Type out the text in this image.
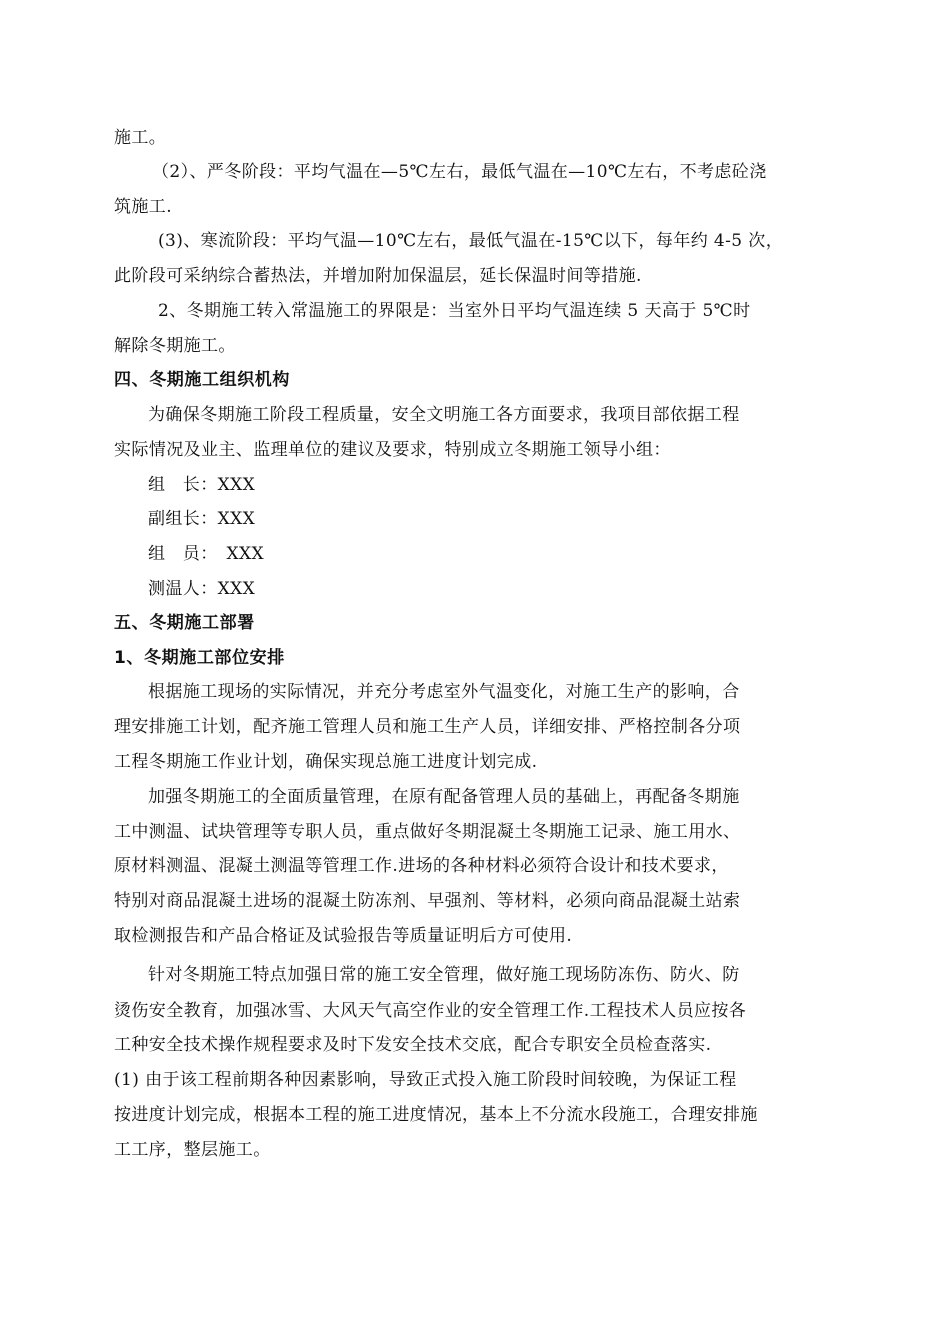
施工。
（2）、严冬阶段：平均气温在—5℃左右，最低气温在—10℃左右，不考虑砼浇
筑施工.
(3)、寒流阶段：平均气温—10℃左右，最低气温在-15℃以下，每年约 4-5 次，
此阶段可采纳综合蓄热法，并增加附加保温层，延长保温时间等措施.
2、冬期施工转入常温施工的界限是：当室外日平均气温连续 5 天高于 5℃时
解除冬期施工。
四、冬期施工组织机构
为确保冬期施工阶段工程质量，安全文明施工各方面要求，我项目部依据工程
实际情况及业主、监理单位的建议及要求，特别成立冬期施工领导小组：
组　长：XXX
副组长：XXX
组　员：　XXX
测温人：XXX
五、冬期施工部署
1、冬期施工部位安排
根据施工现场的实际情况，并充分考虑室外气温变化，对施工生产的影响，合
理安排施工计划，配齐施工管理人员和施工生产人员，详细安排、严格控制各分项
工程冬期施工作业计划，确保实现总施工进度计划完成.
加强冬期施工的全面质量管理，在原有配备管理人员的基础上，再配备冬期施
工中测温、试块管理等专职人员，重点做好冬期混凝土冬期施工记录、施工用水、
原材料测温、混凝土测温等管理工作.进场的各种材料必须符合设计和技术要求，
特别对商品混凝土进场的混凝土防冻剂、早强剂、等材料，必须向商品混凝土站索
取检测报告和产品合格证及试验报告等质量证明后方可使用.
针对冬期施工特点加强日常的施工安全管理，做好施工现场防冻伤、防火、防
烫伤安全教育，加强冰雪、大风天气高空作业的安全管理工作.工程技术人员应按各
工种安全技术操作规程要求及时下发安全技术交底，配合专职安全员检查落实.
(1) 由于该工程前期各种因素影响，导致正式投入施工阶段时间较晚，为保证工程
按进度计划完成，根据本工程的施工进度情况，基本上不分流水段施工，合理安排施
工工序，整层施工。
